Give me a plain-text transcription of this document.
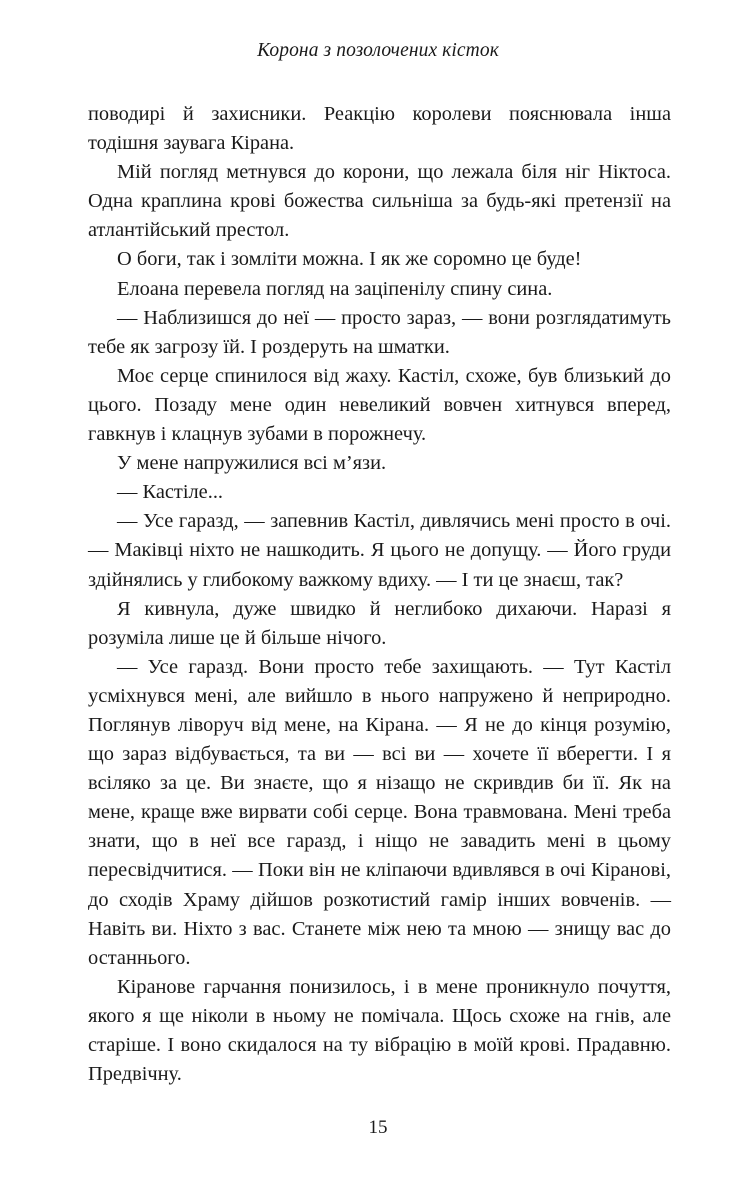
Корона з позолочених кісток

поводирі й захисники. Реакцію королеви пояснювала інша тодішня заувага Кірана.

Мій погляд метнувся до корони, що лежала біля ніг Ніктоса. Одна краплина крові божества сильніша за будь-які претензії на атлантійський престол.

О боги, так і зомліти можна. І як же соромно це буде!

Елоана перевела погляд на заціпенілу спину сина.

— Наблизишся до неї — просто зараз, — вони розглядатимуть тебе як загрозу їй. І роздеруть на шматки.

Моє серце спинилося від жаху. Кастіл, схоже, був близький до цього. Позаду мене один невеликий вовчен хитнувся вперед, гавкнув і клацнув зубами в порожнечу.

У мене напружилися всі м’язи.

— Кастіле...

— Усе гаразд, — запевнив Кастіл, дивлячись мені просто в очі. — Маківці ніхто не нашкодить. Я цього не допущу. — Його груди здійнялись у глибокому важкому вдиху. — І ти це знаєш, так?

Я кивнула, дуже швидко й неглибоко дихаючи. Наразі я розуміла лише це й більше нічого.

— Усе гаразд. Вони просто тебе захищають. — Тут Кастіл усміхнувся мені, але вийшло в нього напружено й неприродно. Поглянув ліворуч від мене, на Кірана. — Я не до кінця розумію, що зараз відбувається, та ви — всі ви — хочете її вберегти. І я всіляко за це. Ви знаєте, що я нізащо не скривдив би її. Як на мене, краще вже вирвати собі серце. Вона травмована. Мені треба знати, що в неї все гаразд, і ніщо не завадить мені в цьому пересвідчитися. — Поки він не кліпаючи вдивлявся в очі Кірановi, до сходів Храму дійшов розкотистий гамір інших вовченів. — Навіть ви. Ніхто з вас. Станете між нею та мною — знищу вас до останнього.

Кіранове гарчання понизилось, і в мене проникнуло почуття, якого я ще ніколи в ньому не помічала. Щось схоже на гнів, але старіше. І воно скидалося на ту вібрацію в моїй крові. Прадавню. Предвічну.

15
